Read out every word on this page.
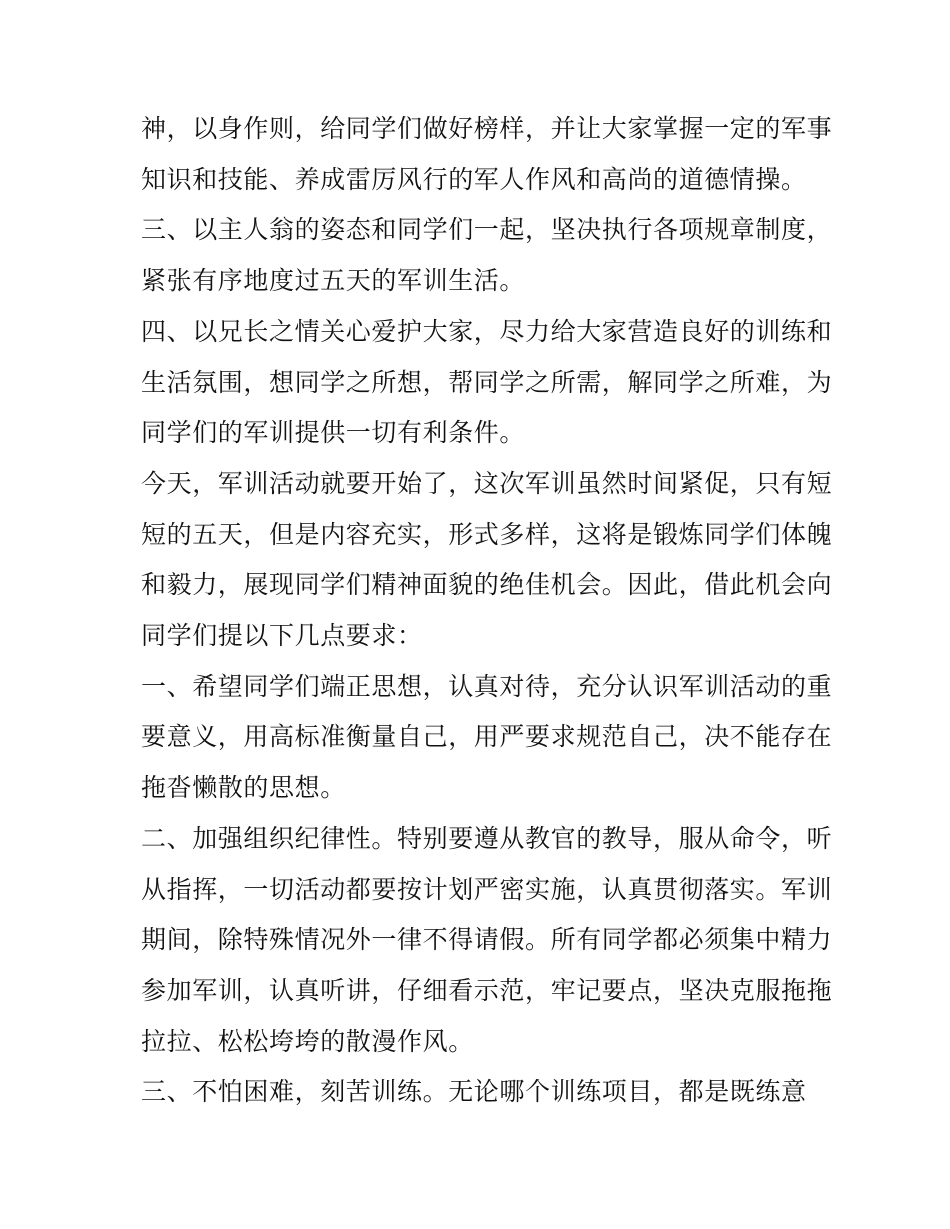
神，以身作则，给同学们做好榜样，并让大家掌握一定的军事
知识和技能、养成雷厉风行的军人作风和高尚的道德情操。
三、以主人翁的姿态和同学们一起，坚决执行各项规章制度，
紧张有序地度过五天的军训生活。
四、以兄长之情关心爱护大家，尽力给大家营造良好的训练和
生活氛围，想同学之所想，帮同学之所需，解同学之所难，为
同学们的军训提供一切有利条件。
今天，军训活动就要开始了，这次军训虽然时间紧促，只有短
短的五天，但是内容充实，形式多样，这将是锻炼同学们体魄
和毅力，展现同学们精神面貌的绝佳机会。因此，借此机会向
同学们提以下几点要求：
一、希望同学们端正思想，认真对待，充分认识军训活动的重
要意义，用高标准衡量自己，用严要求规范自己，决不能存在
拖沓懒散的思想。
二、加强组织纪律性。特别要遵从教官的教导，服从命令，听
从指挥，一切活动都要按计划严密实施，认真贯彻落实。军训
期间，除特殊情况外一律不得请假。所有同学都必须集中精力
参加军训，认真听讲，仔细看示范，牢记要点，坚决克服拖拖
拉拉、松松垮垮的散漫作风。
三、不怕困难，刻苦训练。无论哪个训练项目，都是既练意
